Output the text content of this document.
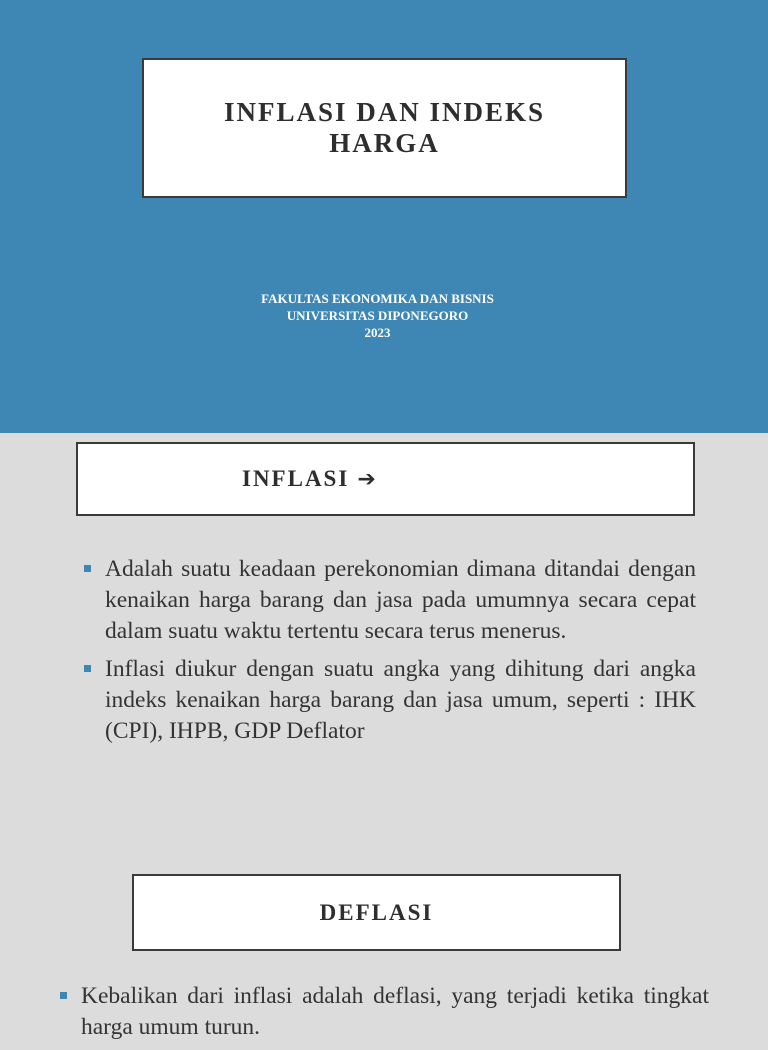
INFLASI DAN INDEKS
HARGA
FAKULTAS EKONOMIKA DAN BISNIS
UNIVERSITAS DIPONEGORO
2023
INFLASI ➔
Adalah suatu keadaan perekonomian dimana ditandai dengan kenaikan harga barang dan jasa pada umumnya secara cepat dalam suatu waktu tertentu secara terus menerus.
Inflasi diukur dengan suatu angka yang dihitung dari angka indeks kenaikan harga barang dan jasa umum, seperti : IHK (CPI), IHPB, GDP Deflator
DEFLASI
Kebalikan dari inflasi adalah deflasi, yang terjadi ketika tingkat harga umum turun.
